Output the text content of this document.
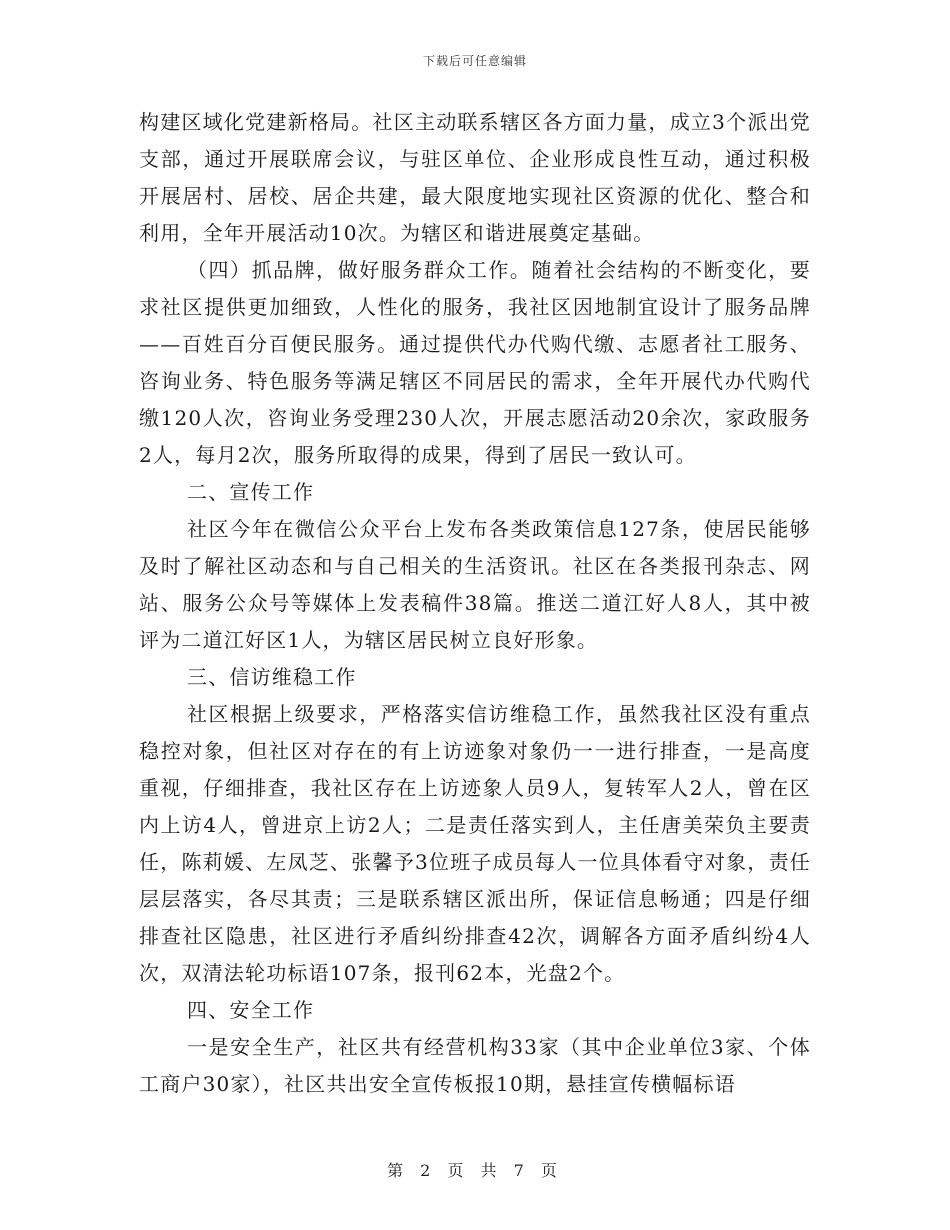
下载后可任意编辑

构建区域化党建新格局。社区主动联系辖区各方面力量，成立3个派出党支部，通过开展联席会议，与驻区单位、企业形成良性互动，通过积极开展居村、居校、居企共建，最大限度地实现社区资源的优化、整合和利用，全年开展活动10次。为辖区和谐进展奠定基础。

（四）抓品牌，做好服务群众工作。随着社会结构的不断变化，要求社区提供更加细致，人性化的服务，我社区因地制宜设计了服务品牌——百姓百分百便民服务。通过提供代办代购代缴、志愿者社工服务、咨询业务、特色服务等满足辖区不同居民的需求，全年开展代办代购代缴120人次，咨询业务受理230人次，开展志愿活动20余次，家政服务2人，每月2次，服务所取得的成果，得到了居民一致认可。

二、宣传工作

社区今年在微信公众平台上发布各类政策信息127条，使居民能够及时了解社区动态和与自己相关的生活资讯。社区在各类报刊杂志、网站、服务公众号等媒体上发表稿件38篇。推送二道江好人8人，其中被评为二道江好区1人，为辖区居民树立良好形象。

三、信访维稳工作

社区根据上级要求，严格落实信访维稳工作，虽然我社区没有重点稳控对象，但社区对存在的有上访迹象对象仍一一进行排查，一是高度重视，仔细排查，我社区存在上访迹象人员9人，复转军人2人，曾在区内上访4人，曾进京上访2人；二是责任落实到人，主任唐美荣负主要责任，陈莉媛、左凤芝、张馨予3位班子成员每人一位具体看守对象，责任层层落实，各尽其责；三是联系辖区派出所，保证信息畅通；四是仔细排查社区隐患，社区进行矛盾纠纷排查42次，调解各方面矛盾纠纷4人次，双清法轮功标语107条，报刊62本，光盘2个。

四、安全工作

一是安全生产，社区共有经营机构33家（其中企业单位3家、个体工商户30家），社区共出安全宣传板报10期，悬挂宣传横幅标语

第 2 页 共 7 页
